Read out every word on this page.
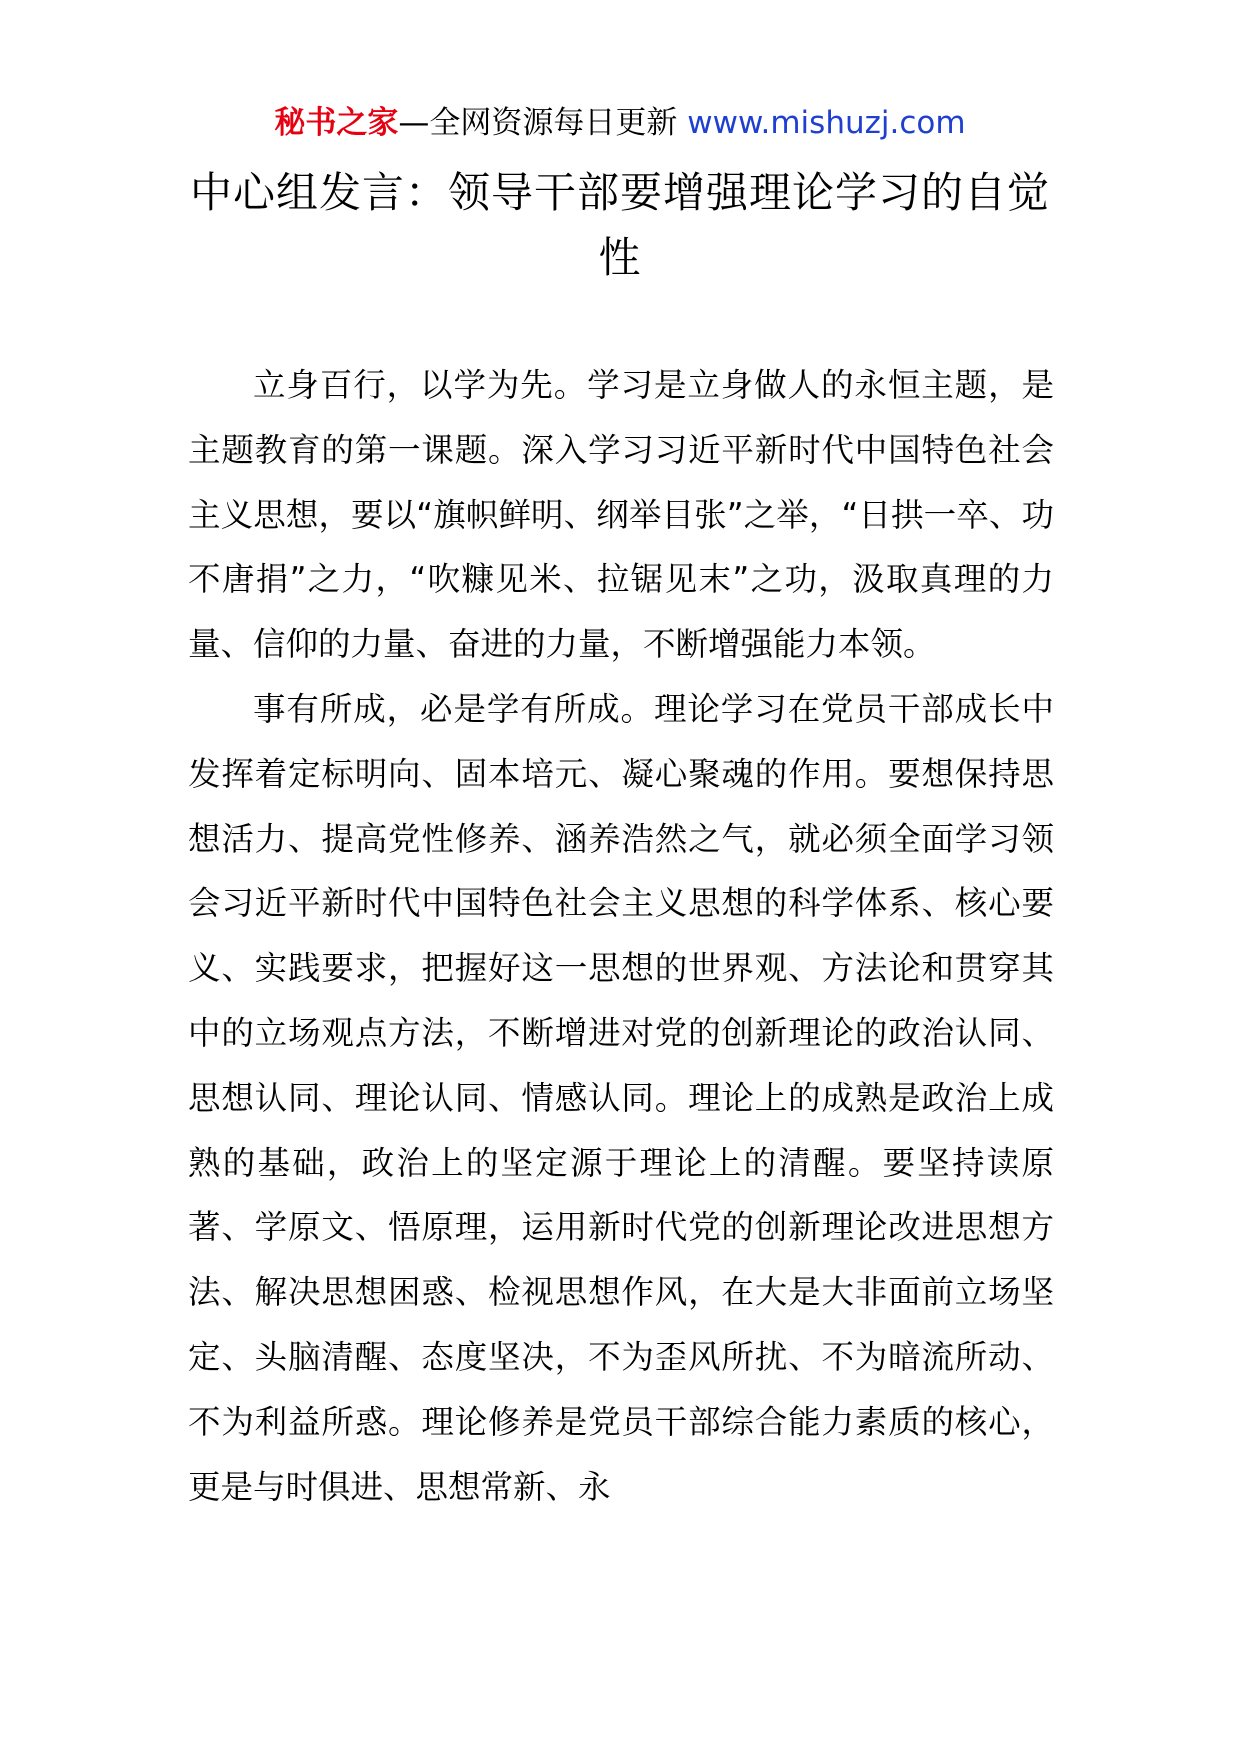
秘书之家—全网资源每日更新 www.mishuzj.com
中心组发言：领导干部要增强理论学习的自觉性

立身百行，以学为先。学习是立身做人的永恒主题，是主题教育的第一课题。深入学习习近平新时代中国特色社会主义思想，要以“旗帜鲜明、纲举目张”之举，“日拱一卒、功不唐捐”之力，“吹糠见米、拉锯见末”之功，汲取真理的力量、信仰的力量、奋进的力量，不断增强能力本领。

事有所成，必是学有所成。理论学习在党员干部成长中发挥着定标明向、固本培元、凝心聚魂的作用。要想保持思想活力、提高党性修养、涵养浩然之气，就必须全面学习领会习近平新时代中国特色社会主义思想的科学体系、核心要义、实践要求，把握好这一思想的世界观、方法论和贯穿其中的立场观点方法，不断增进对党的创新理论的政治认同、思想认同、理论认同、情感认同。理论上的成熟是政治上成熟的基础，政治上的坚定源于理论上的清醒。要坚持读原著、学原文、悟原理，运用新时代党的创新理论改进思想方法、解决思想困惑、检视思想作风，在大是大非面前立场坚定、头脑清醒、态度坚决，不为歪风所扰、不为暗流所动、不为利益所惑。理论修养是党员干部综合能力素质的核心，更是与时俱进、思想常新、永
